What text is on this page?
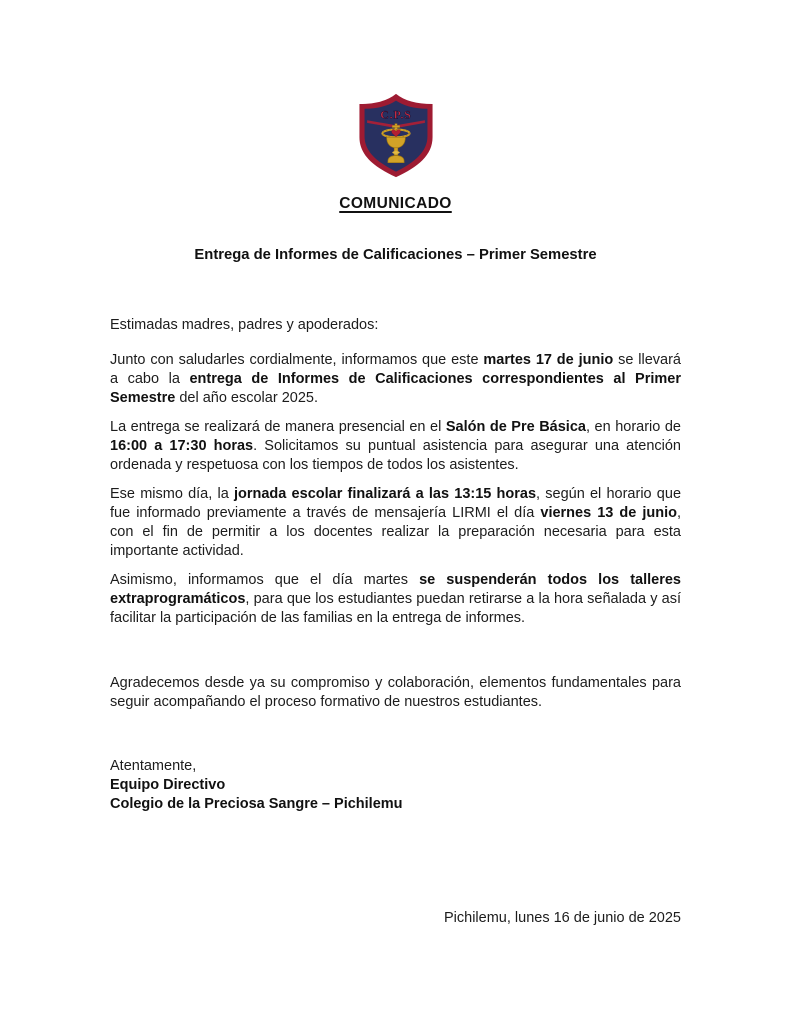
C.P.S
COMUNICADO
Entrega de Informes de Calificaciones – Primer Semestre

Estimadas madres, padres y apoderados:

Junto con saludarles cordialmente, informamos que este martes 17 de junio se llevará a cabo la entrega de Informes de Calificaciones correspondientes al Primer Semestre del año escolar 2025.

La entrega se realizará de manera presencial en el Salón de Pre Básica, en horario de 16:00 a 17:30 horas. Solicitamos su puntual asistencia para asegurar una atención ordenada y respetuosa con los tiempos de todos los asistentes.

Ese mismo día, la jornada escolar finalizará a las 13:15 horas, según el horario que fue informado previamente a través de mensajería LIRMI el día viernes 13 de junio, con el fin de permitir a los docentes realizar la preparación necesaria para esta importante actividad.

Asimismo, informamos que el día martes se suspenderán todos los talleres extraprogramáticos, para que los estudiantes puedan retirarse a la hora señalada y así facilitar la participación de las familias en la entrega de informes.

Agradecemos desde ya su compromiso y colaboración, elementos fundamentales para seguir acompañando el proceso formativo de nuestros estudiantes.

Atentamente,
Equipo Directivo
Colegio de la Preciosa Sangre – Pichilemu
Pichilemu, lunes 16 de junio de 2025
